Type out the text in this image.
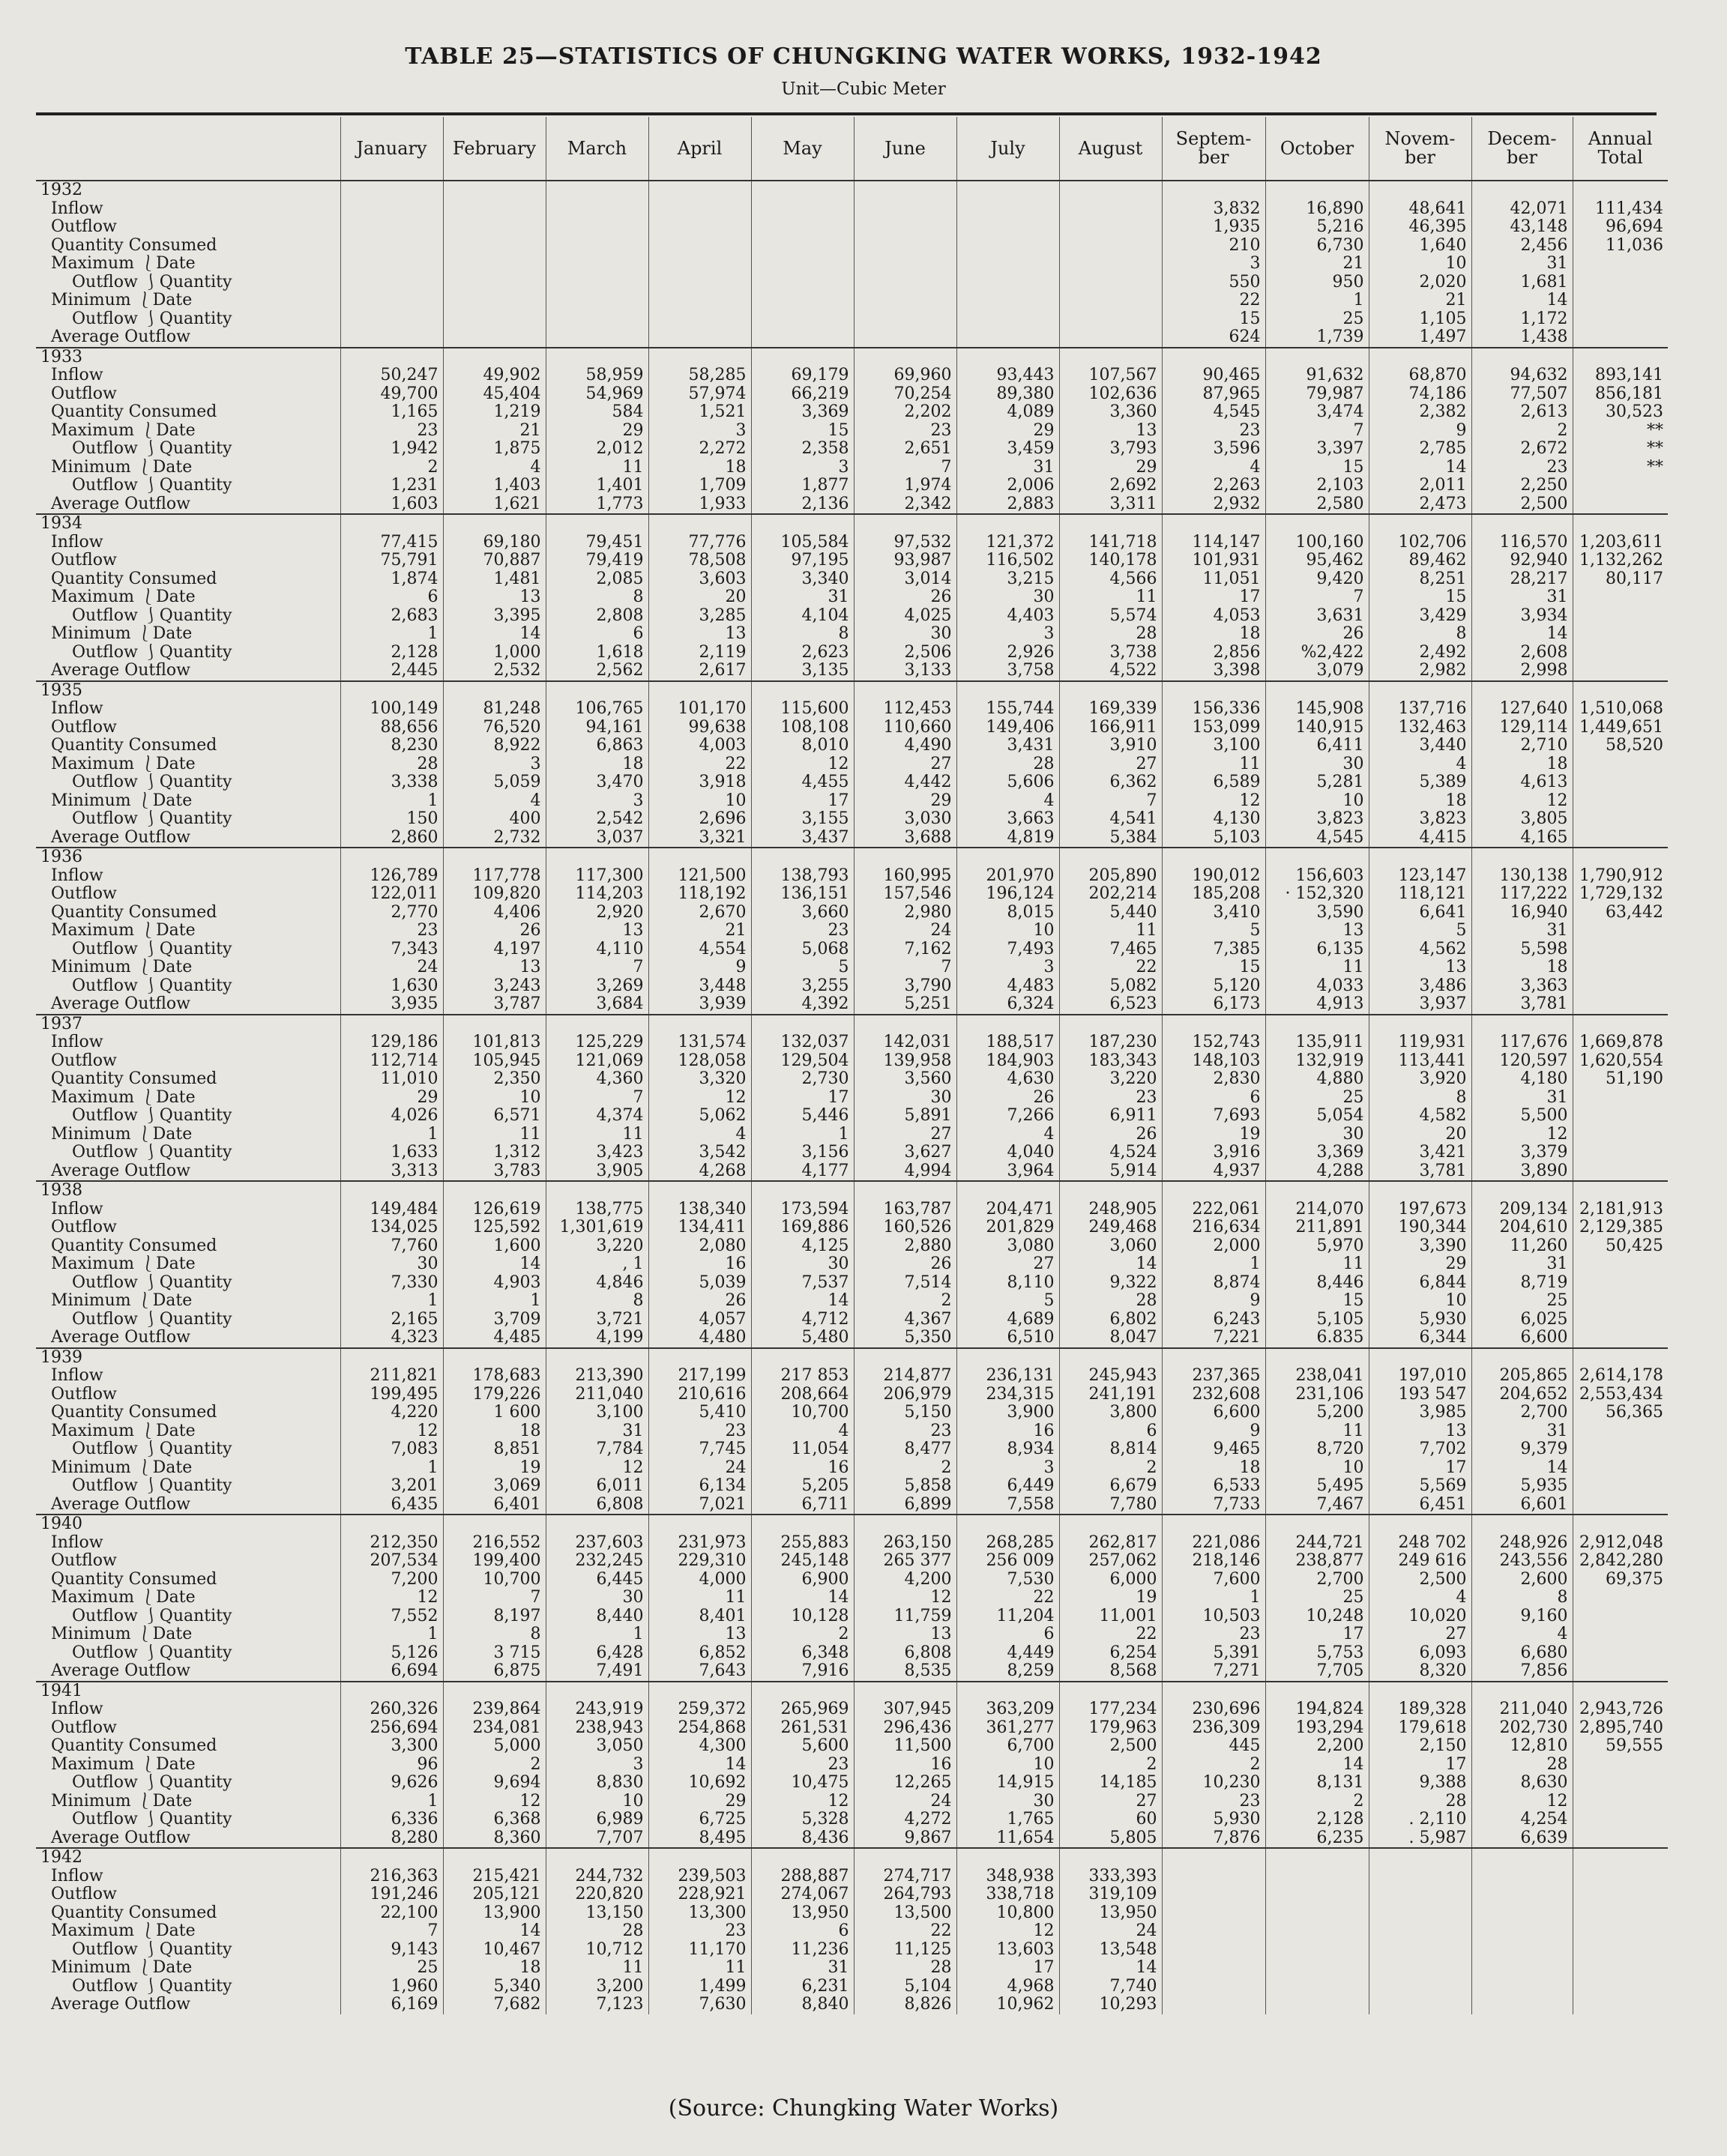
TABLE 25—STATISTICS OF CHUNGKING WATER WORKS, 1932-1942
Unit—Cubic Meter
	January	February	March	April	May	June	July	August	Septem-ber	October	Novem-ber	Decem-ber	Annual Total
1932													
Inflow									3,832	16,890	48,641	42,071	111,434
Outflow									1,935	5,216	46,395	43,148	96,694
Quantity Consumed									210	6,730	1,640	2,456	11,036
Maximum ⎱Date									3	21	10	31	
Outflow ⎰Quantity									550	950	2,020	1,681	
Minimum ⎱Date									22	1	21	14	
Outflow ⎰Quantity									15	25	1,105	1,172	
Average Outflow									624	1,739	1,497	1,438	
1933													
Inflow	50,247	49,902	58,959	58,285	69,179	69,960	93,443	107,567	90,465	91,632	68,870	94,632	893,141
Outflow	49,700	45,404	54,969	57,974	66,219	70,254	89,380	102,636	87,965	79,987	74,186	77,507	856,181
Quantity Consumed	1,165	1,219	584	1,521	3,369	2,202	4,089	3,360	4,545	3,474	2,382	2,613	30,523
Maximum ⎱Date	23	21	29	3	15	23	29	13	23	7	9	2	**
Outflow ⎰Quantity	1,942	1,875	2,012	2,272	2,358	2,651	3,459	3,793	3,596	3,397	2,785	2,672	**
Minimum ⎱Date	2	4	11	18	3	7	31	29	4	15	14	23	**
Outflow ⎰Quantity	1,231	1,403	1,401	1,709	1,877	1,974	2,006	2,692	2,263	2,103	2,011	2,250	
Average Outflow	1,603	1,621	1,773	1,933	2,136	2,342	2,883	3,311	2,932	2,580	2,473	2,500	
1934													
Inflow	77,415	69,180	79,451	77,776	105,584	97,532	121,372	141,718	114,147	100,160	102,706	116,570	1,203,611
Outflow	75,791	70,887	79,419	78,508	97,195	93,987	116,502	140,178	101,931	95,462	89,462	92,940	1,132,262
Quantity Consumed	1,874	1,481	2,085	3,603	3,340	3,014	3,215	4,566	11,051	9,420	8,251	28,217	80,117
Maximum ⎱Date	6	13	8	20	31	26	30	11	17	7	15	31	
Outflow ⎰Quantity	2,683	3,395	2,808	3,285	4,104	4,025	4,403	5,574	4,053	3,631	3,429	3,934	
Minimum ⎱Date	1	14	6	13	8	30	3	28	18	26	8	14	
Outflow ⎰Quantity	2,128	1,000	1,618	2,119	2,623	2,506	2,926	3,738	2,856	%2,422	2,492	2,608	
Average Outflow	2,445	2,532	2,562	2,617	3,135	3,133	3,758	4,522	3,398	3,079	2,982	2,998	
1935													
Inflow	100,149	81,248	106,765	101,170	115,600	112,453	155,744	169,339	156,336	145,908	137,716	127,640	1,510,068
Outflow	88,656	76,520	94,161	99,638	108,108	110,660	149,406	166,911	153,099	140,915	132,463	129,114	1,449,651
Quantity Consumed	8,230	8,922	6,863	4,003	8,010	4,490	3,431	3,910	3,100	6,411	3,440	2,710	58,520
Maximum ⎱Date	28	3	18	22	12	27	28	27	11	30	4	18	
Outflow ⎰Quantity	3,338	5,059	3,470	3,918	4,455	4,442	5,606	6,362	6,589	5,281	5,389	4,613	
Minimum ⎱Date	1	4	3	10	17	29	4	7	12	10	18	12	
Outflow ⎰Quantity	150	400	2,542	2,696	3,155	3,030	3,663	4,541	4,130	3,823	3,823	3,805	
Average Outflow	2,860	2,732	3,037	3,321	3,437	3,688	4,819	5,384	5,103	4,545	4,415	4,165	
1936													
Inflow	126,789	117,778	117,300	121,500	138,793	160,995	201,970	205,890	190,012	156,603	123,147	130,138	1,790,912
Outflow	122,011	109,820	114,203	118,192	136,151	157,546	196,124	202,214	185,208	· 152,320	118,121	117,222	1,729,132
Quantity Consumed	2,770	4,406	2,920	2,670	3,660	2,980	8,015	5,440	3,410	3,590	6,641	16,940	63,442
Maximum ⎱Date	23	26	13	21	23	24	10	11	5	13	5	31	
Outflow ⎰Quantity	7,343	4,197	4,110	4,554	5,068	7,162	7,493	7,465	7,385	6,135	4,562	5,598	
Minimum ⎱Date	24	13	7	9	5	7	3	22	15	11	13	18	
Outflow ⎰Quantity	1,630	3,243	3,269	3,448	3,255	3,790	4,483	5,082	5,120	4,033	3,486	3,363	
Average Outflow	3,935	3,787	3,684	3,939	4,392	5,251	6,324	6,523	6,173	4,913	3,937	3,781	
1937													
Inflow	129,186	101,813	125,229	131,574	132,037	142,031	188,517	187,230	152,743	135,911	119,931	117,676	1,669,878
Outflow	112,714	105,945	121,069	128,058	129,504	139,958	184,903	183,343	148,103	132,919	113,441	120,597	1,620,554
Quantity Consumed	11,010	2,350	4,360	3,320	2,730	3,560	4,630	3,220	2,830	4,880	3,920	4,180	51,190
Maximum ⎱Date	29	10	7	12	17	30	26	23	6	25	8	31	
Outflow ⎰Quantity	4,026	6,571	4,374	5,062	5,446	5,891	7,266	6,911	7,693	5,054	4,582	5,500	
Minimum ⎱Date	1	11	11	4	1	27	4	26	19	30	20	12	
Outflow ⎰Quantity	1,633	1,312	3,423	3,542	3,156	3,627	4,040	4,524	3,916	3,369	3,421	3,379	
Average Outflow	3,313	3,783	3,905	4,268	4,177	4,994	3,964	5,914	4,937	4,288	3,781	3,890	
1938													
Inflow	149,484	126,619	138,775	138,340	173,594	163,787	204,471	248,905	222,061	214,070	197,673	209,134	2,181,913
Outflow	134,025	125,592	1,301,619	134,411	169,886	160,526	201,829	249,468	216,634	211,891	190,344	204,610	2,129,385
Quantity Consumed	7,760	1,600	3,220	2,080	4,125	2,880	3,080	3,060	2,000	5,970	3,390	11,260	50,425
Maximum ⎱Date	30	14	, 1	16	30	26	27	14	1	11	29	31	
Outflow ⎰Quantity	7,330	4,903	4,846	5,039	7,537	7,514	8,110	9,322	8,874	8,446	6,844	8,719	
Minimum ⎱Date	1	1	8	26	14	2	5	28	9	15	10	25	
Outflow ⎰Quantity	2,165	3,709	3,721	4,057	4,712	4,367	4,689	6,802	6,243	5,105	5,930	6,025	
Average Outflow	4,323	4,485	4,199	4,480	5,480	5,350	6,510	8,047	7,221	6.835	6,344	6,600	
1939													
Inflow	211,821	178,683	213,390	217,199	217 853	214,877	236,131	245,943	237,365	238,041	197,010	205,865	2,614,178
Outflow	199,495	179,226	211,040	210,616	208,664	206,979	234,315	241,191	232,608	231,106	193 547	204,652	2,553,434
Quantity Consumed	4,220	1 600	3,100	5,410	10,700	5,150	3,900	3,800	6,600	5,200	3,985	2,700	56,365
Maximum ⎱Date	12	18	31	23	4	23	16	6	9	11	13	31	
Outflow ⎰Quantity	7,083	8,851	7,784	7,745	11,054	8,477	8,934	8,814	9,465	8,720	7,702	9,379	
Minimum ⎱Date	1	19	12	24	16	2	3	2	18	10	17	14	
Outflow ⎰Quantity	3,201	3,069	6,011	6,134	5,205	5,858	6,449	6,679	6,533	5,495	5,569	5,935	
Average Outflow	6,435	6,401	6,808	7,021	6,711	6,899	7,558	7,780	7,733	7,467	6,451	6,601	
1940													
Inflow	212,350	216,552	237,603	231,973	255,883	263,150	268,285	262,817	221,086	244,721	248 702	248,926	2,912,048
Outflow	207,534	199,400	232,245	229,310	245,148	265 377	256 009	257,062	218,146	238,877	249 616	243,556	2,842,280
Quantity Consumed	7,200	10,700	6,445	4,000	6,900	4,200	7,530	6,000	7,600	2,700	2,500	2,600	69,375
Maximum ⎱Date	12	7	30	11	14	12	22	19	1	25	4	8	
Outflow ⎰Quantity	7,552	8,197	8,440	8,401	10,128	11,759	11,204	11,001	10,503	10,248	10,020	9,160	
Minimum ⎱Date	1	8	1	13	2	13	6	22	23	17	27	4	
Outflow ⎰Quantity	5,126	3 715	6,428	6,852	6,348	6,808	4,449	6,254	5,391	5,753	6,093	6,680	
Average Outflow	6,694	6,875	7,491	7,643	7,916	8,535	8,259	8,568	7,271	7,705	8,320	7,856	
1941													
Inflow	260,326	239,864	243,919	259,372	265,969	307,945	363,209	177,234	230,696	194,824	189,328	211,040	2,943,726
Outflow	256,694	234,081	238,943	254,868	261,531	296,436	361,277	179,963	236,309	193,294	179,618	202,730	2,895,740
Quantity Consumed	3,300	5,000	3,050	4,300	5,600	11,500	6,700	2,500	445	2,200	2,150	12,810	59,555
Maximum ⎱Date	96	2	3	14	23	16	10	2	2	14	17	28	
Outflow ⎰Quantity	9,626	9,694	8,830	10,692	10,475	12,265	14,915	14,185	10,230	8,131	9,388	8,630	
Minimum ⎱Date	1	12	10	29	12	24	30	27	23	2	28	12	
Outflow ⎰Quantity	6,336	6,368	6,989	6,725	5,328	4,272	1,765	60	5,930	2,128	. 2,110	4,254	
Average Outflow	8,280	8,360	7,707	8,495	8,436	9,867	11,654	5,805	7,876	6,235	. 5,987	6,639	
1942													
Inflow	216,363	215,421	244,732	239,503	288,887	274,717	348,938	333,393					
Outflow	191,246	205,121	220,820	228,921	274,067	264,793	338,718	319,109					
Quantity Consumed	22,100	13,900	13,150	13,300	13,950	13,500	10,800	13,950					
Maximum ⎱Date	7	14	28	23	6	22	12	24					
Outflow ⎰Quantity	9,143	10,467	10,712	11,170	11,236	11,125	13,603	13,548					
Minimum ⎱Date	25	18	11	11	31	28	17	14					
Outflow ⎰Quantity	1,960	5,340	3,200	1,499	6,231	5,104	4,968	7,740					
Average Outflow	6,169	7,682	7,123	7,630	8,840	8,826	10,962	10,293					
(Source: Chungking Water Works)
